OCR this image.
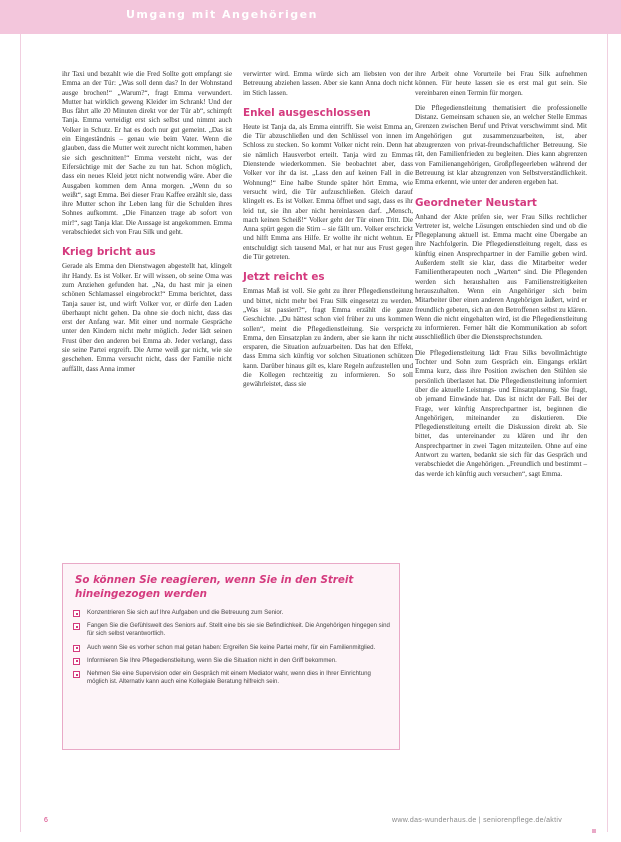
Umgang mit Angehörigen

ihr Taxi und bezahlt wie die Fred Sollte gott empfangt sie Emma an der Tür: „Was soll denn das? In der Wohnstand ausge brochen!“ „Warum?“, fragt Emma verwundert. Mutter hat wirklich geweng Kleider im Schrank! Und der Bus fährt alle 20 Minuten direkt vor der Tür ab“, schimpft Tanja. Emma verteidigt erst sich selbst und nimmt auch Volker in Schutz. Er hat es doch nur gut gemeint. „Das ist ein Eingeständnis – genau wie beim Vater. Wenn die glauben, dass die Mutter weit zurecht nicht kommen, haben sie sich geschnitten!“ Emma versteht nicht, was der Eifersüchtige mit der Sache zu tun hat. Schon möglich, dass ein neues Kleid jetzt nicht notwendig wäre. Aber die Ausgaben kommen dem Anna morgen. „Wenn du so weißt“, sagt Emma. Bei dieser Frau Kaffee erzählt sie, dass ihre Mutter schon ihr Leben lang für die Schulden ihres Sohnes aufkommt. „Die Finanzen trage ab sofort von mir!“, sagt Tanja klar. Die Aussage ist angekommen. Emma verabschiedet sich von Frau Silk und geht.

Krieg bricht aus

Gerade als Emma den Dienstwagen abgestellt hat, klingelt ihr Handy. Es ist Volker. Er will wissen, ob seine Oma was zum Anziehen gefunden hat. „Na, du hast mir ja einen schönen Schlamassel eingebrockt!“ Emma berichtet, dass Tanja sauer ist, und wirft Volker vor, er dürfe den Laden überhaupt nicht gehen. Da ohne sie doch nicht, dass das erst der Anfang war. Mit einer und normale Gespräche unter den Kindern nicht mehr möglich. Jeder lädt seinen Frust über den anderen bei Emma ab. Jeder verlangt, dass sie seine Partei ergreift. Die Arme weiß gar nicht, wie sie geschehen. Emma versucht nicht, dass der Familie nicht auffällt, dass Anna immer

verwirrter wird. Emma würde sich am liebsten von der Betreuung abziehen lassen. Aber sie kann Anna doch nicht im Stich lassen.

Enkel ausgeschlossen

Heute ist Tanja da, als Emma eintrifft. Sie weist Emma an, die Tür abzuschließen und den Schlüssel von innen im Schloss zu stecken. So kommt Volker nicht rein. Denn hat sie nämlich Hausverbot erteilt. Tanja wird zu Emmas Dienstende wiederkommen. Sie beobachtet aber, dass Volker vor ihr da ist. „Lass den auf keinen Fall in die Wohnung!“ Eine halbe Stunde später hört Emma, wie versucht wird, die Tür aufzuschließen. Gleich darauf klingelt es. Es ist Volker. Emma öffnet und sagt, dass es ihr leid tut, sie ihn aber nicht hereinlassen darf. „Mensch, mach keinen Scheiß!“ Volker geht der Tür einen Tritt. Die Anna spürt gegen die Stirn – sie fällt um. Volker erschrickt und hilft Emma ans Hilfe. Er wollte ihr nicht wehtun. Er entschuldigt sich tausend Mal, er hat nur aus Frust gegen die Tür getreten.

Jetzt reicht es

Emmas Maß ist voll. Sie geht zu ihrer Pflegedienstleitung und bittet, nicht mehr bei Frau Silk eingesetzt zu werden. „Was ist passiert?“, fragt Emma erzählt die ganze Geschichte. „Du hättest schon viel früher zu uns kommen sollen“, meint die Pflegedienstleitung. Sie verspricht Emma, den Einsatzplan zu ändern, aber sie kann ihr nicht ersparen, die Situation aufzuarbeiten. Das hat den Effekt, dass Emma sich künftig vor solchen Situationen schützen kann. Darüber hinaus gilt es, klare Regeln aufzustellen und die Kollegen rechtzeitig zu informieren. So soll gewährleistet, dass sie

ihre Arbeit ohne Vorurteile bei Frau Silk aufnehmen können. Für heute lassen sie es erst mal gut sein. Sie vereinbaren einen Termin für morgen.

Die Pflegedienstleitung thematisiert die professionelle Distanz. Gemeinsam schauen sie, an welcher Stelle Emmas Grenzen zwischen Beruf und Privat verschwimmt sind. Mit Angehörigen gut zusammenzuarbeiten, ist, aber abzugrenzen von privat-freundschaftlicher Betreuung. Sie rät, den Familienfrieden zu begleiten. Dies kann abgrenzen von Familienangehörigen, Großpflegeerleben während der Betreuung ist klar abzugrenzen von Selbstverständlichkeit. Emma erkennt, wie unter der anderen ergeben hat.

Geordneter Neustart

Anhand der Akte prüfen sie, wer Frau Silks rechtlicher Vertreter ist, welche Lösungen entschieden sind und ob die Pflegeplanung aktuell ist. Emma macht eine Übergabe an ihre Nachfolgerin. Die Pflegedienstleitung regelt, dass es künftig einen Ansprechpartner in der Familie geben wird. Außerdem stellt sie klar, dass die Mitarbeiter weder Familientherapeuten noch „Warten“ sind. Die Pflegenden werden sich heraushalten aus Familienstreitigkeiten herauszuhalten. Wenn ein Angehöriger sich beim Mitarbeiter über einen anderen Angehörigen äußert, wird er freundlich gebeten, sich an den Betroffenen selbst zu klären. Wenn die nicht eingehalten wird, ist die Pflegedienstleitung zu informieren. Ferner hält die Kommunikation ab sofort ausschließlich über die Dienstsprechstunden.

Die Pflegedienstleitung lädt Frau Silks bevollmächtigte Tochter und Sohn zum Gespräch ein. Eingangs erklärt Emma kurz, dass ihre Position zwischen den Stühlen sie persönlich überlastet hat. Die Pflegedienstleitung informiert über die aktuelle Leistungs- und Einsatzplanung. Sie fragt, ob jemand Einwände hat. Das ist nicht der Fall. Bei der Frage, wer künftig Ansprechpartner ist, beginnen die Angehörigen, miteinander zu diskutieren. Die Pflegedienstleitung erteilt die Diskussion direkt ab. Sie bittet, das untereinander zu klären und ihr den Ansprechpartner in zwei Tagen mitzuteilen. Ohne auf eine Antwort zu warten, bedankt sie sich für das Gespräch und verabschiedet die Angehörigen. „Freundlich und bestimmt – das werde ich künftig auch versuchen“, sagt Emma.

So können Sie reagieren, wenn Sie in den Streit hineingezogen werden
Konzentrieren Sie sich auf Ihre Aufgaben und die Betreuung zum Senior.
Fangen Sie die Gefühlswelt des Seniors auf. Stellt eine bis sie sie Befindlichkeit. Die Angehörigen hingegen sind für sich selbst verantwortlich.
Auch wenn Sie es vorher schon mal getan haben: Ergreifen Sie keine Partei mehr, für ein Familienmitglied.
Informieren Sie Ihre Pflegedienstleitung, wenn Sie die Situation nicht in den Griff bekommen.
Nehmen Sie eine Supervision oder ein Gespräch mit einem Mediator wahr, wenn dies in Ihrer Einrichtung möglich ist. Alternativ kann auch eine Kollegiale Beratung hilfreich sein.
6	www.das-wunderhaus.de | seniorenpflege.de/aktiv
